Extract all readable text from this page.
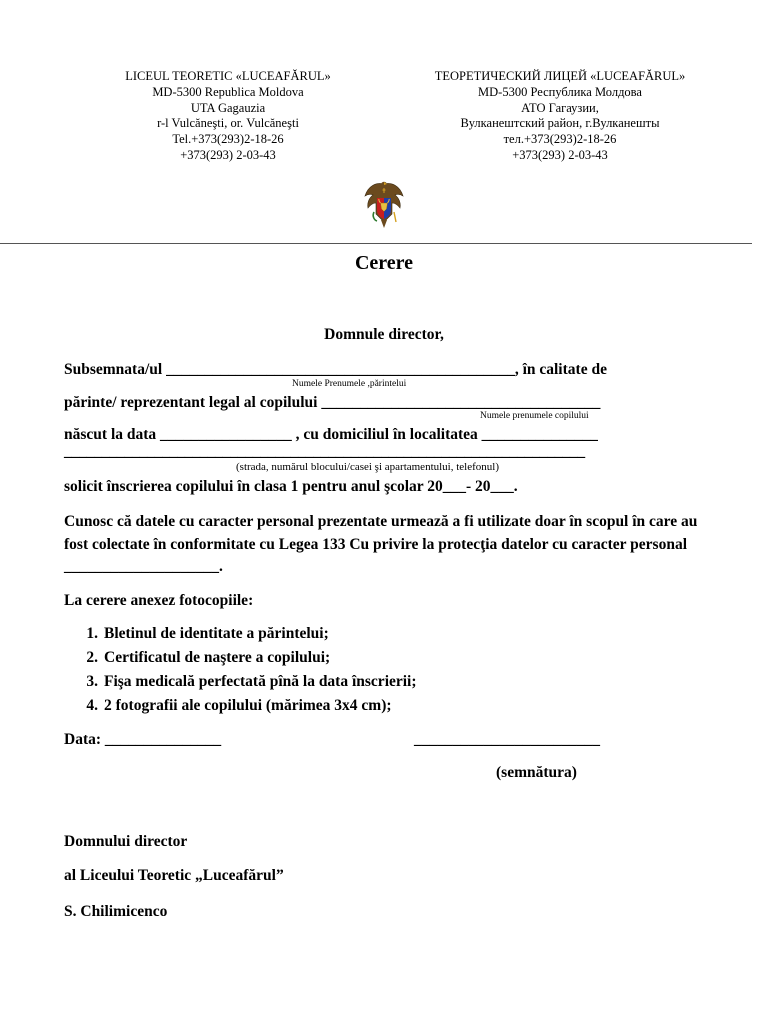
LICEUL TEORETIC «LUCEAFĂRUL»
MD-5300 Republica Moldova
UTA Gagauzia
r-l Vulcăneşti, or. Vulcăneşti
Tel.+373(293)2-18-26
+373(293) 2-03-43
ТЕОРЕТИЧЕСКИЙ ЛИЦЕЙ «LUCEAFĂRUL»
MD-5300 Республика Молдова
АТО Гагаузии,
Вулканештский район, г.Вулканешты
тел.+373(293)2-18-26
+373(293) 2-03-43
Cerere
Domnule director,
Subsemnata/ul _____________________________________________, în calitate de
Numele Prenumele ,părintelui
părinte/ reprezentant legal al copilului ____________________________________
Numele prenumele copilului
născut la data _________________ , cu domiciliul în localitatea _______________
_____________________________________________________________________
(strada, numărul blocului/casei şi apartamentului, telefonul)
solicit înscrierea copilului în clasa 1 pentru anul şcolar 20___- 20___.
Cunosc că datele cu caracter personal prezentate urmează a fi utilizate doar în scopul în care au fost colectate în conformitate cu Legea 133 Cu privire la protecţia datelor cu caracter personal ____________________.
La cerere anexez fotocopiile:
1. Bletinul de identitate a părintelui;
2. Certificatul de naştere a copilului;
3. Fişa medicală perfectată pînă la data înscrierii;
4. 2 fotografii ale copilului (mărimea 3x4 cm);
Data: _______________	________________________
(semnătura)
Domnului director
al Liceului Teoretic „Luceafărul”
S. Chilimicenco
